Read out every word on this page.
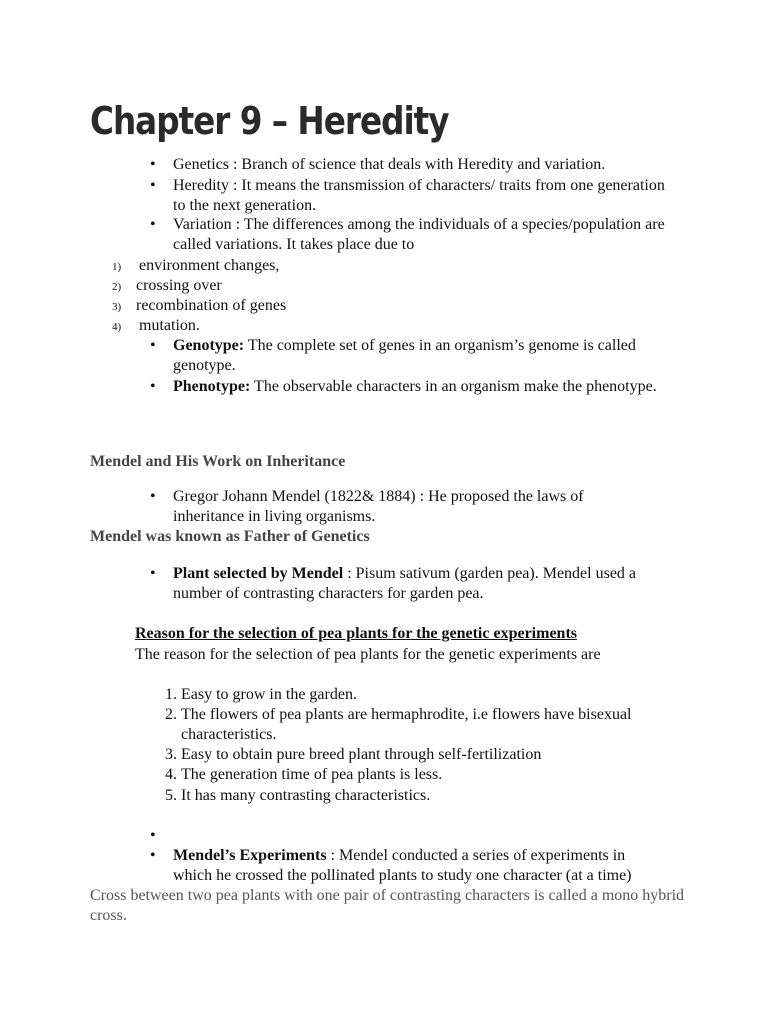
Chapter 9 – Heredity
•
Genetics : Branch of science that deals with Heredity and variation.
•
Heredity : It means the transmission of characters/ traits from one generation to the next generation.
•
Variation : The differences among the individuals of a species/population are called variations. It takes place due to
1) environment changes,
2) crossing over
3) recombination of genes
4) mutation.
•
Genotype: The complete set of genes in an organism’s genome is called genotype.
•
Phenotype: The observable characters in an organism make the phenotype.
Mendel and His Work on Inheritance
•
Gregor Johann Mendel (1822& 1884) : He proposed the laws of inheritance in living organisms.
Mendel was known as Father of Genetics
•
Plant selected by Mendel : Pisum sativum (garden pea). Mendel used a number of contrasting characters for garden pea.
Reason for the selection of pea plants for the genetic experiments
The reason for the selection of pea plants for the genetic experiments are
1. Easy to grow in the garden.
2. The flowers of pea plants are hermaphrodite, i.e flowers have bisexual characteristics.
3. Easy to obtain pure breed plant through self-fertilization
4. The generation time of pea plants is less.
5. It has many contrasting characteristics.
•
•
Mendel’s Experiments : Mendel conducted a series of experiments in which he crossed the pollinated plants to study one character (at a time)
Cross between two pea plants with one pair of contrasting characters is called a mono hybrid cross.
